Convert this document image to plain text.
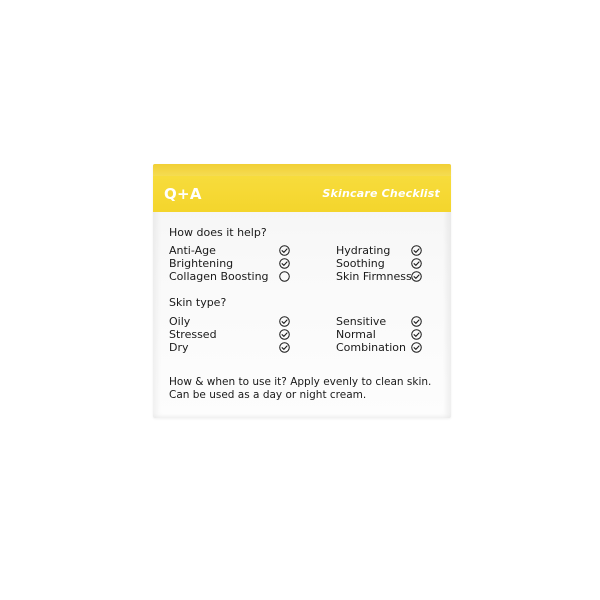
Q+A	Skincare Checklist
How does it help?
Anti-Age
Brightening
Collagen Boosting
Hydrating
Soothing
Skin Firmness
Skin type?
Oily
Stressed
Dry
Sensitive
Normal
Combination
How & when to use it? Apply evenly to clean skin.
Can be used as a day or night cream.
